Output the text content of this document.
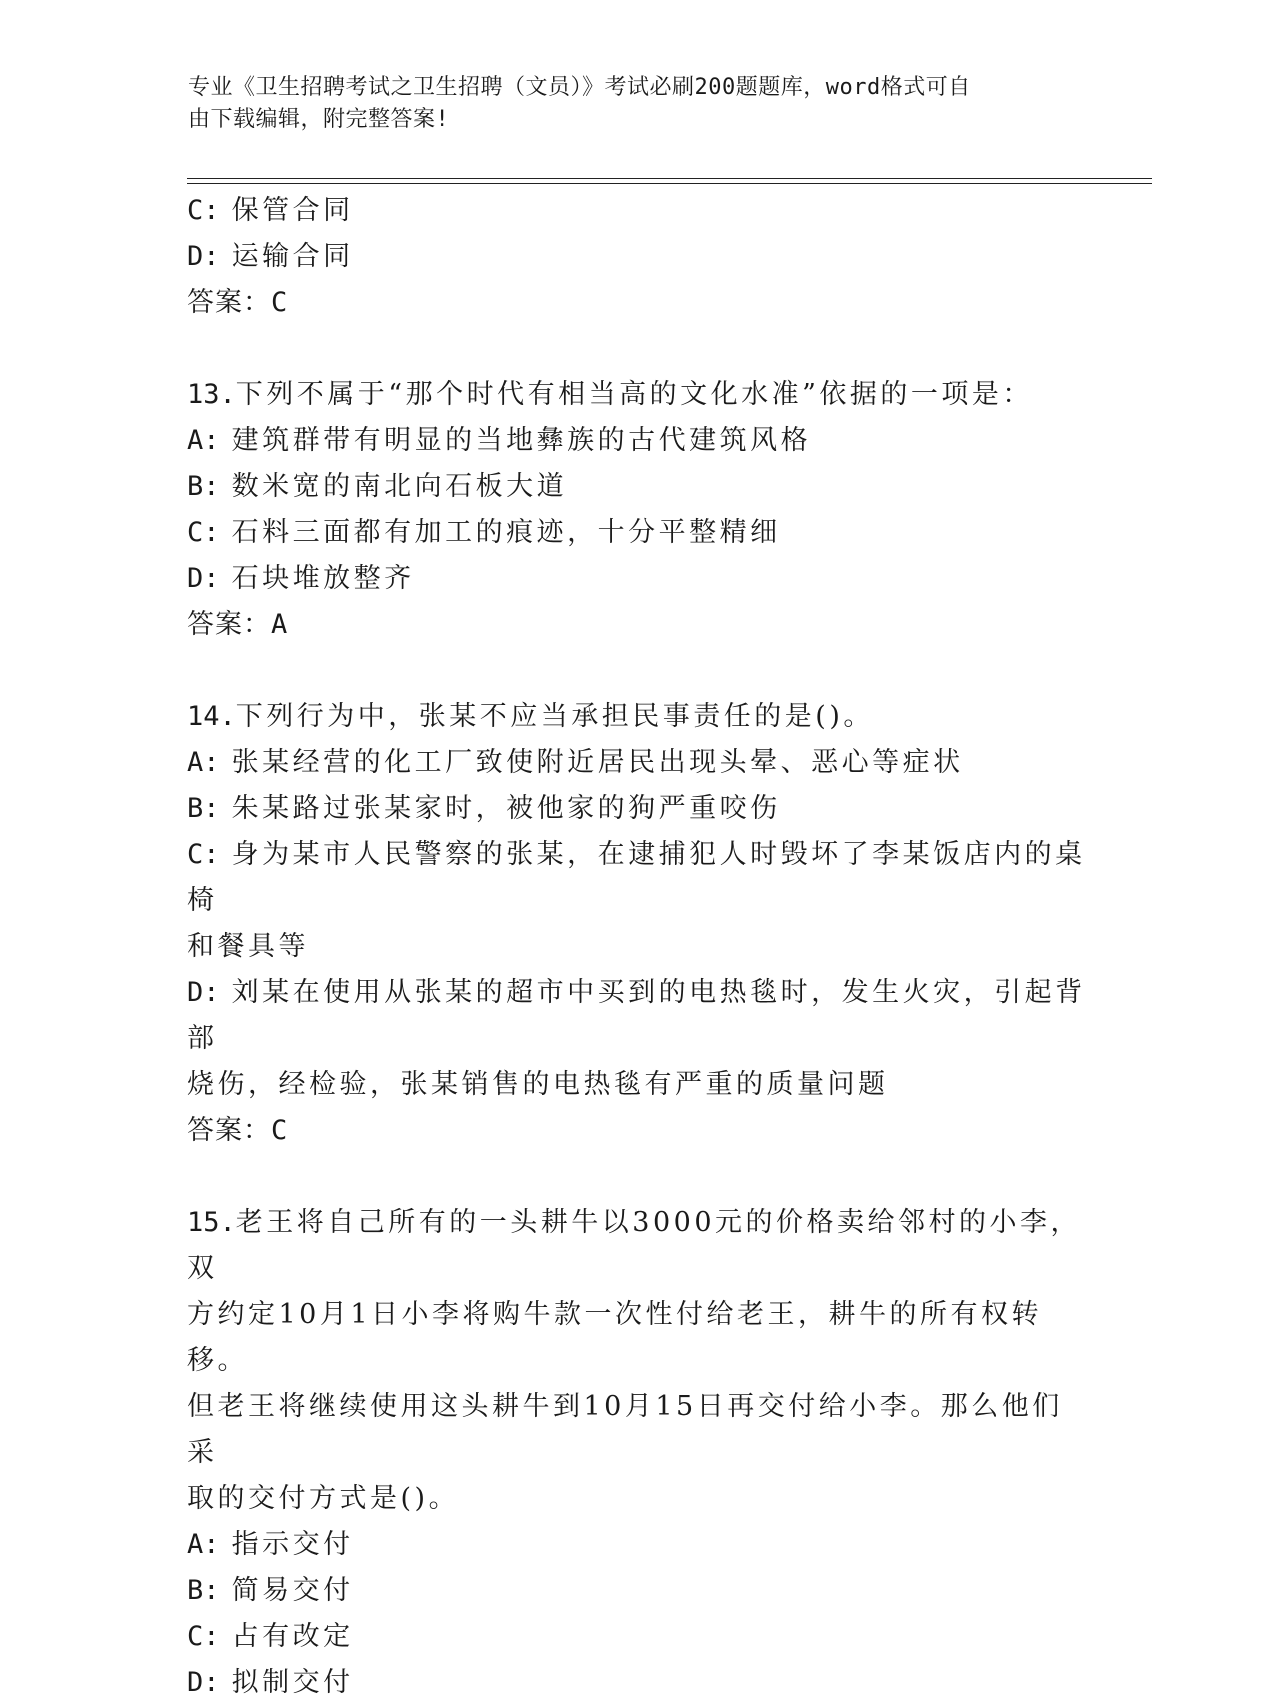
专业《卫生招聘考试之卫生招聘（文员）》考试必刷200题题库，word格式可自
由下载编辑，附完整答案!
C: 保管合同
D: 运输合同
答案：C
13.下列不属于“那个时代有相当高的文化水准”依据的一项是：
A: 建筑群带有明显的当地彝族的古代建筑风格
B: 数米宽的南北向石板大道
C: 石料三面都有加工的痕迹，十分平整精细
D: 石块堆放整齐
答案：A
14.下列行为中，张某不应当承担民事责任的是()。
A: 张某经营的化工厂致使附近居民出现头晕、恶心等症状
B: 朱某路过张某家时，被他家的狗严重咬伤
C: 身为某市人民警察的张某，在逮捕犯人时毁坏了李某饭店内的桌椅
和餐具等
D: 刘某在使用从张某的超市中买到的电热毯时，发生火灾，引起背部
烧伤，经检验，张某销售的电热毯有严重的质量问题
答案：C
15.老王将自己所有的一头耕牛以3000元的价格卖给邻村的小李，双
方约定10月1日小李将购牛款一次性付给老王，耕牛的所有权转移。
但老王将继续使用这头耕牛到10月15日再交付给小李。那么他们采
取的交付方式是()。
A: 指示交付
B: 简易交付
C: 占有改定
D: 拟制交付
